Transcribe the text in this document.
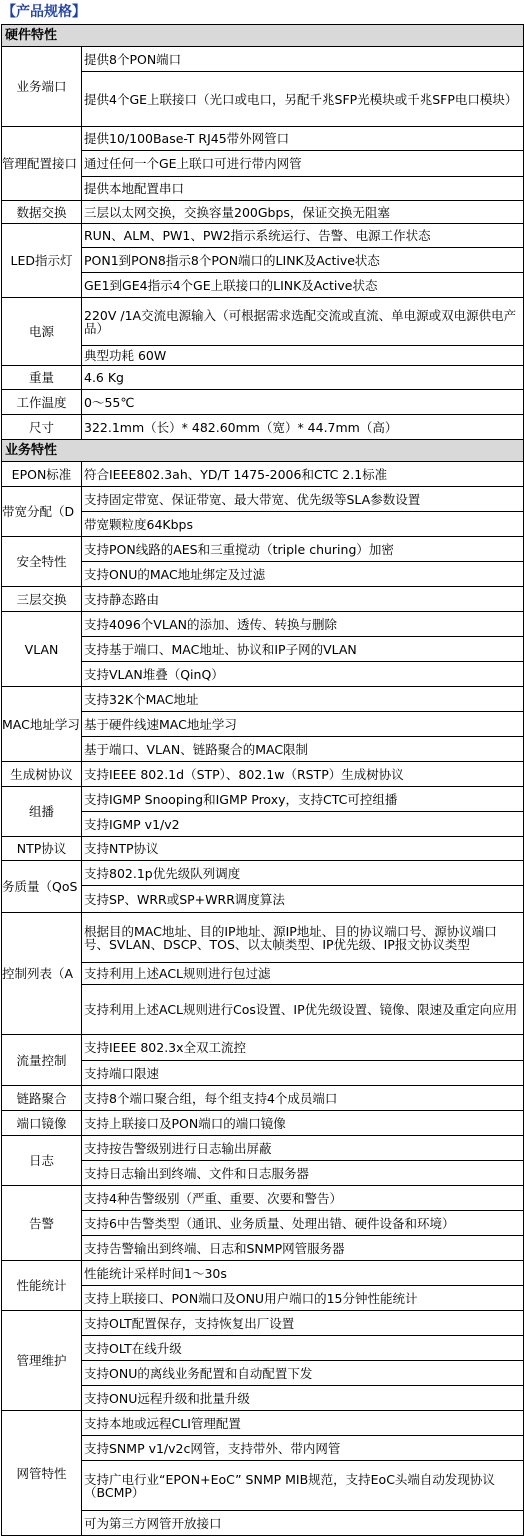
【产品规格】
硬件特性	
业务端口	提供8个PON端口
	提供4个GE上联接口（光口或电口，另配千兆SFP光模块或千兆SFP电口模块）
管理配置接口	提供10/100Base-T RJ45带外网管口
	通过任何一个GE上联口可进行带内网管
	提供本地配置串口
数据交换	三层以太网交换，交换容量200Gbps，保证交换无阻塞
LED指示灯	RUN、ALM、PW1、PW2指示系统运行、告警、电源工作状态
	PON1到PON8指示8个PON端口的LINK及Active状态
	GE1到GE4指示4个GE上联接口的LINK及Active状态
电源	220V /1A交流电源输入（可根据需求选配交流或直流、单电源或双电源供电产品）
	典型功耗 60W
重量	4.6 Kg
工作温度	0～55℃
尺寸	322.1mm（长）* 482.60mm（宽）* 44.7mm（高）
业务特性	
EPON标准	符合IEEE802.3ah、YD/T 1475-2006和CTC 2.1标准
带宽分配（D	支持固定带宽、保证带宽、最大带宽、优先级等SLA参数设置
	带宽颗粒度64Kbps
安全特性	支持PON线路的AES和三重搅动（triple churing）加密
	支持ONU的MAC地址绑定及过滤
三层交换	支持静态路由
VLAN	支持4096个VLAN的添加、透传、转换与删除
	支持基于端口、MAC地址、协议和IP子网的VLAN
	支持VLAN堆叠（QinQ）
MAC地址学习	支持32K个MAC地址
	基于硬件线速MAC地址学习
	基于端口、VLAN、链路聚合的MAC限制
生成树协议	支持IEEE 802.1d（STP）、802.1w（RSTP）生成树协议
组播	支持IGMP Snooping和IGMP Proxy，支持CTC可控组播
	支持IGMP v1/v2
NTP协议	支持NTP协议
务质量（QoS	支持802.1p优先级队列调度
	支持SP、WRR或SP+WRR调度算法
控制列表（A	根据目的MAC地址、目的IP地址、源IP地址、目的协议端口号、源协议端口号、SVLAN、DSCP、TOS、以太帧类型、IP优先级、IP报文协议类型
	支持利用上述ACL规则进行包过滤
	支持利用上述ACL规则进行Cos设置、IP优先级设置、镜像、限速及重定向应用
流量控制	支持IEEE 802.3x全双工流控
	支持端口限速
链路聚合	支持8个端口聚合组，每个组支持4个成员端口
端口镜像	支持上联接口及PON端口的端口镜像
日志	支持按告警级别进行日志输出屏蔽
	支持日志输出到终端、文件和日志服务器
告警	支持4种告警级别（严重、重要、次要和警告）
	支持6中告警类型（通讯、业务质量、处理出错、硬件设备和环境）
	支持告警输出到终端、日志和SNMP网管服务器
性能统计	性能统计采样时间1～30s
	支持上联接口、PON端口及ONU用户端口的15分钟性能统计
管理维护	支持OLT配置保存，支持恢复出厂设置
	支持OLT在线升级
	支持ONU的离线业务配置和自动配置下发
	支持ONU远程升级和批量升级
网管特性	支持本地或远程CLI管理配置
	支持SNMP v1/v2c网管，支持带外、带内网管
	支持广电行业“EPON+EoC” SNMP MIB规范，支持EoC头端自动发现协议（BCMP）
	可为第三方网管开放接口
